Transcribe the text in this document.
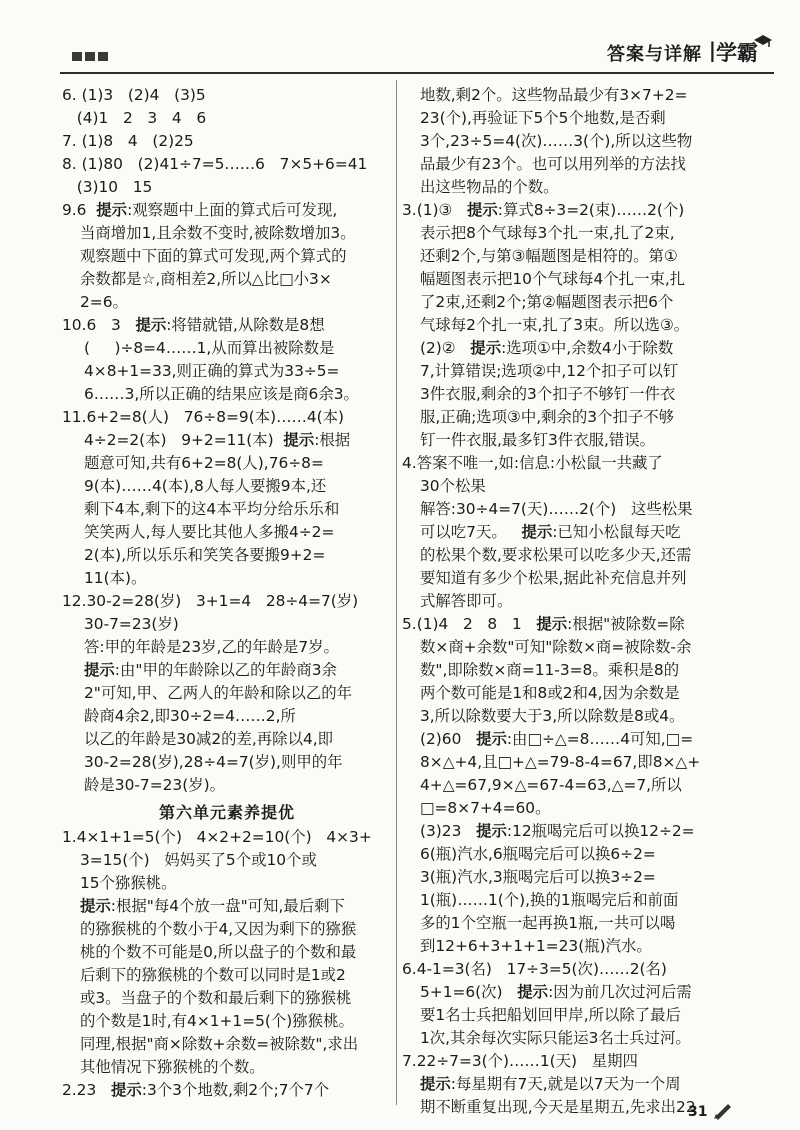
答案与详解 | 学霸

6. (1)3   (2)4   (3)5

(4)1   2   3   4   6

7. (1)8   4   (2)25

8. (1)80   (2)41÷7=5……6   7×5+6=41

(3)10   15

9.6 提示:观察题中上面的算式后可发现,

当商增加1,且余数不变时,被除数增加3。

观察题中下面的算式可发现,两个算式的

余数都是☆,商相差2,所以△比□小3×

2=6。

10.6   3 提示:将错就错,从除数是8想

(     )÷8=4……1,从而算出被除数是

4×8+1=33,则正确的算式为33÷5=

6……3,所以正确的结果应该是商6余3。

11.6+2=8(人)   76÷8=9(本)……4(本)

4÷2=2(本)   9+2=11(本) 提示:根据

题意可知,共有6+2=8(人),76÷8=

9(本)……4(本),8人每人要搬9本,还

剩下4本,剩下的这4本平均分给乐乐和

笑笑两人,每人要比其他人多搬4÷2=

2(本),所以乐乐和笑笑各要搬9+2=

11(本)。

12.30-2=28(岁)   3+1=4   28÷4=7(岁)

30-7=23(岁)

答:甲的年龄是23岁,乙的年龄是7岁。

提示:由"甲的年龄除以乙的年龄商3余

2"可知,甲、乙两人的年龄和除以乙的年

龄商4余2,即30÷2=4……2,所

以乙的年龄是30减2的差,再除以4,即

30-2=28(岁),28÷4=7(岁),则甲的年

龄是30-7=23(岁)。

第六单元素养提优

1.4×1+1=5(个)   4×2+2=10(个)   4×3+

3=15(个)   妈妈买了5个或10个或

15个猕猴桃。

提示:根据"每4个放一盘"可知,最后剩下

的猕猴桃的个数小于4,又因为剩下的猕猴

桃的个数不可能是0,所以盘子的个数和最

后剩下的猕猴桃的个数可以同时是1或2

或3。当盘子的个数和最后剩下的猕猴桃

的个数是1时,有4×1+1=5(个)猕猴桃。

同理,根据"商×除数+余数=被除数",求出

其他情况下猕猴桃的个数。

2.23 提示:3个3个地数,剩2个;7个7个

地数,剩2个。这些物品最少有3×7+2=

23(个),再验证下5个5个地数,是否剩

3个,23÷5=4(次)……3(个),所以这些物

品最少有23个。也可以用列举的方法找

出这些物品的个数。

3.(1)③ 提示:算式8÷3=2(束)……2(个)

表示把8个气球每3个扎一束,扎了2束,

还剩2个,与第③幅题图是相符的。第①

幅题图表示把10个气球每4个扎一束,扎

了2束,还剩2个;第②幅题图表示把6个

气球每2个扎一束,扎了3束。所以选③。

(2)② 提示:选项①中,余数4小于除数

7,计算错误;选项②中,12个扣子可以钉

3件衣服,剩余的3个扣子不够钉一件衣

服,正确;选项③中,剩余的3个扣子不够

钉一件衣服,最多钉3件衣服,错误。

4.答案不唯一,如:信息:小松鼠一共藏了

30个松果

解答:30÷4=7(天)……2(个)   这些松果

可以吃7天。 提示:已知小松鼠每天吃

的松果个数,要求松果可以吃多少天,还需

要知道有多少个松果,据此补充信息并列

式解答即可。

5.(1)4   2   8   1 提示:根据"被除数=除

数×商+余数"可知"除数×商=被除数-余

数",即除数×商=11-3=8。乘积是8的

两个数可能是1和8或2和4,因为余数是

3,所以除数要大于3,所以除数是8或4。

(2)60 提示:由□÷△=8……4可知,□=

8×△+4,且□+△=79-8-4=67,即8×△+

4+△=67,9×△=67-4=63,△=7,所以

□=8×7+4=60。

(3)23 提示:12瓶喝完后可以换12÷2=

6(瓶)汽水,6瓶喝完后可以换6÷2=

3(瓶)汽水,3瓶喝完后可以换3÷2=

1(瓶)……1(个),换的1瓶喝完后和前面

多的1个空瓶一起再换1瓶,一共可以喝

到12+6+3+1+1=23(瓶)汽水。

6.4-1=3(名)   17÷3=5(次)……2(名)

5+1=6(次) 提示:因为前几次过河后需

要1名士兵把船划回甲岸,所以除了最后

1次,其余每次实际只能运3名士兵过河。

7.22÷7=3(个)……1(天)   星期四

提示:每星期有7天,就是以7天为一个周

期不断重复出现,今天是星期五,先求出22

31
